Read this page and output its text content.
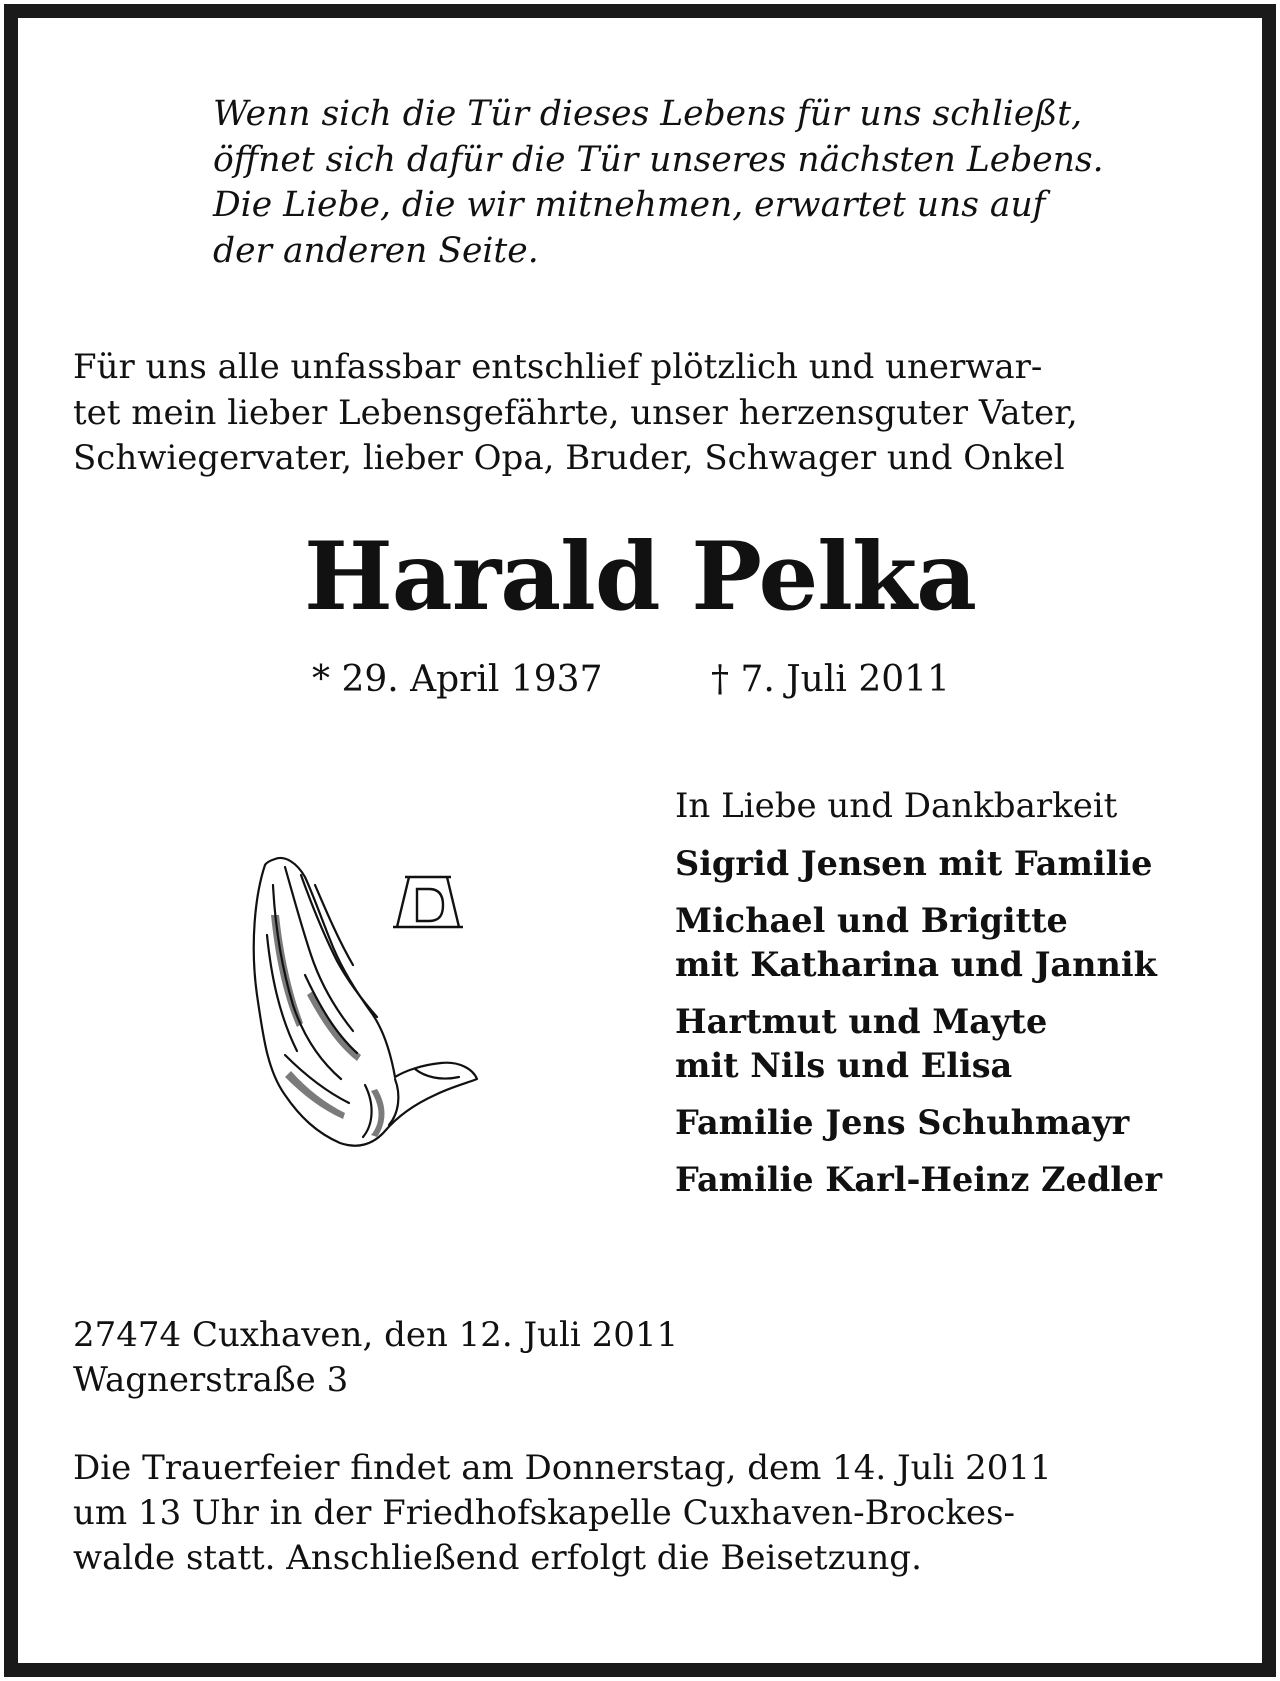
Wenn sich die Tür dieses Lebens für uns schließt,
öffnet sich dafür die Tür unseres nächsten Lebens.
Die Liebe, die wir mitnehmen, erwartet uns auf
der anderen Seite.
Für uns alle unfassbar entschlief plötzlich und unerwar-
tet mein lieber Lebensgefährte, unser herzensguter Vater,
Schwiegervater, lieber Opa, Bruder, Schwager und Onkel
Harald Pelka
* 29. April 1937	† 7. Juli 2011
In Liebe und Dankbarkeit
Sigrid Jensen mit Familie
Michael und Brigitte
mit Katharina und Jannik
Hartmut und Mayte
mit Nils und Elisa
Familie Jens Schuhmayr
Familie Karl-Heinz Zedler
27474 Cuxhaven, den 12. Juli 2011
Wagnerstraße 3
Die Trauerfeier findet am Donnerstag, dem 14. Juli 2011
um 13 Uhr in der Friedhofskapelle Cuxhaven-Brockes-
walde statt. Anschließend erfolgt die Beisetzung.
